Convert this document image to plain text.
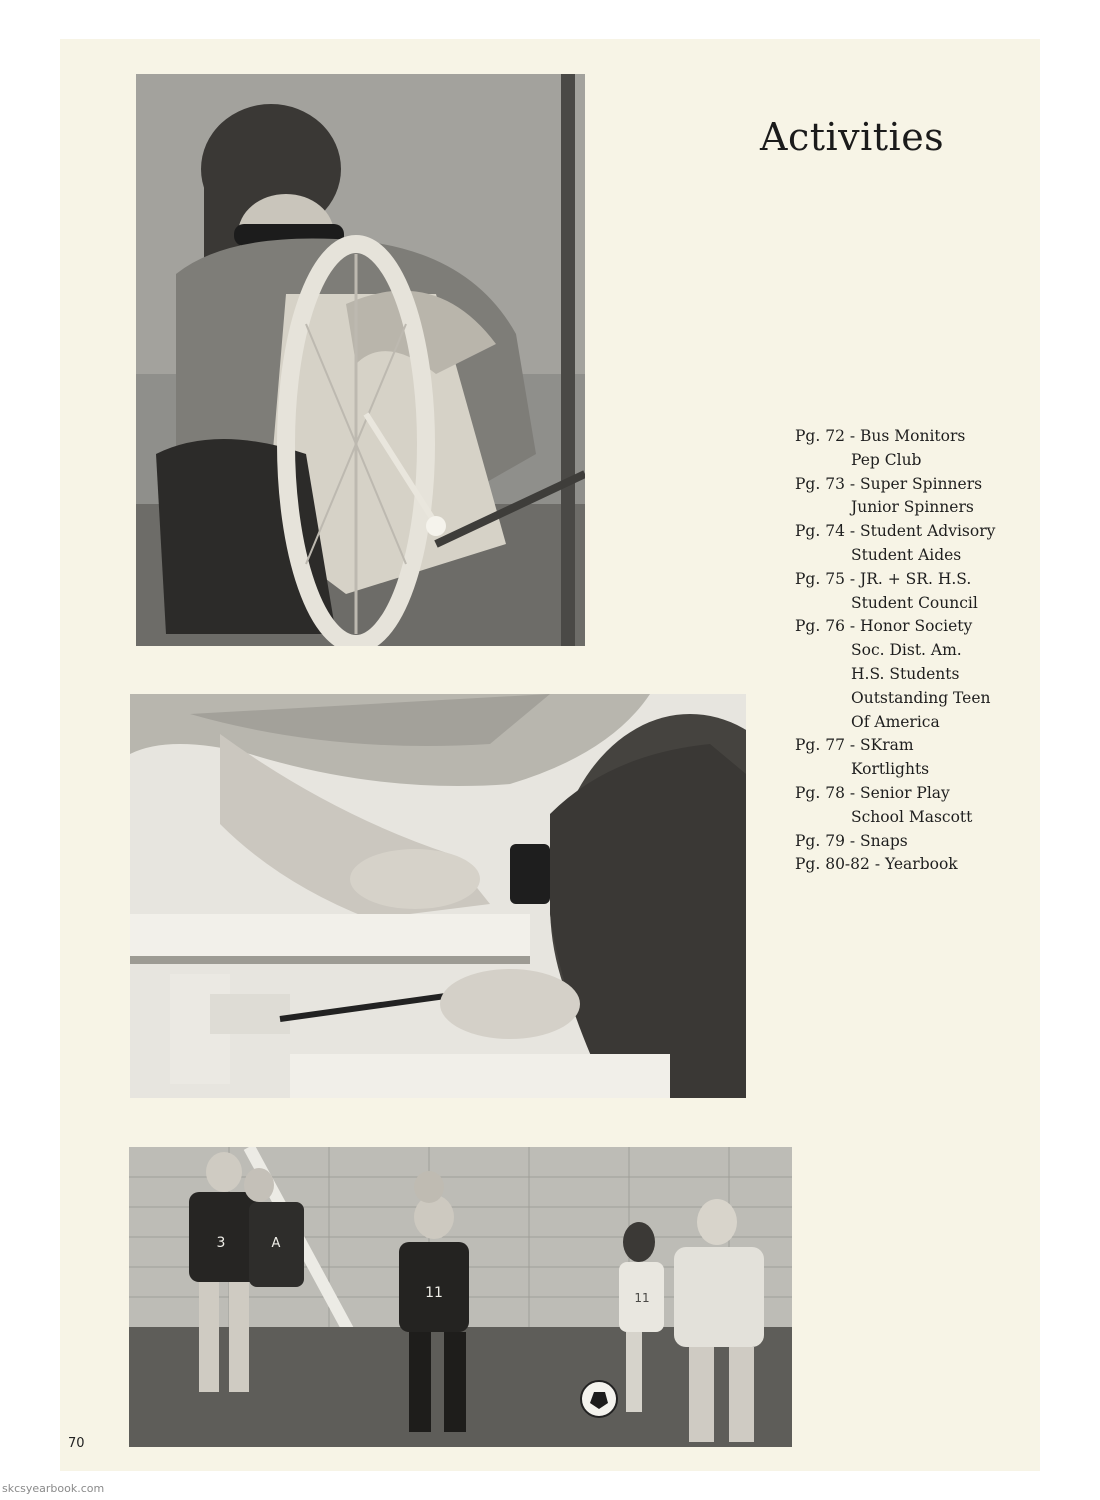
3	A
11	11
Activities
Pg. 72 - Bus Monitors
Pep Club
Pg. 73 - Super Spinners
Junior Spinners
Pg. 74 - Student Advisory
Student Aides
Pg. 75 - JR. + SR. H.S.
Student Council
Pg. 76 - Honor Society
Soc. Dist. Am.
H.S. Students
Outstanding Teen
Of America
Pg. 77 - SKram
Kortlights
Pg. 78 - Senior Play
School Mascott
Pg. 79 - Snaps
Pg. 80-82 - Yearbook
70
skcsyearbook.com
